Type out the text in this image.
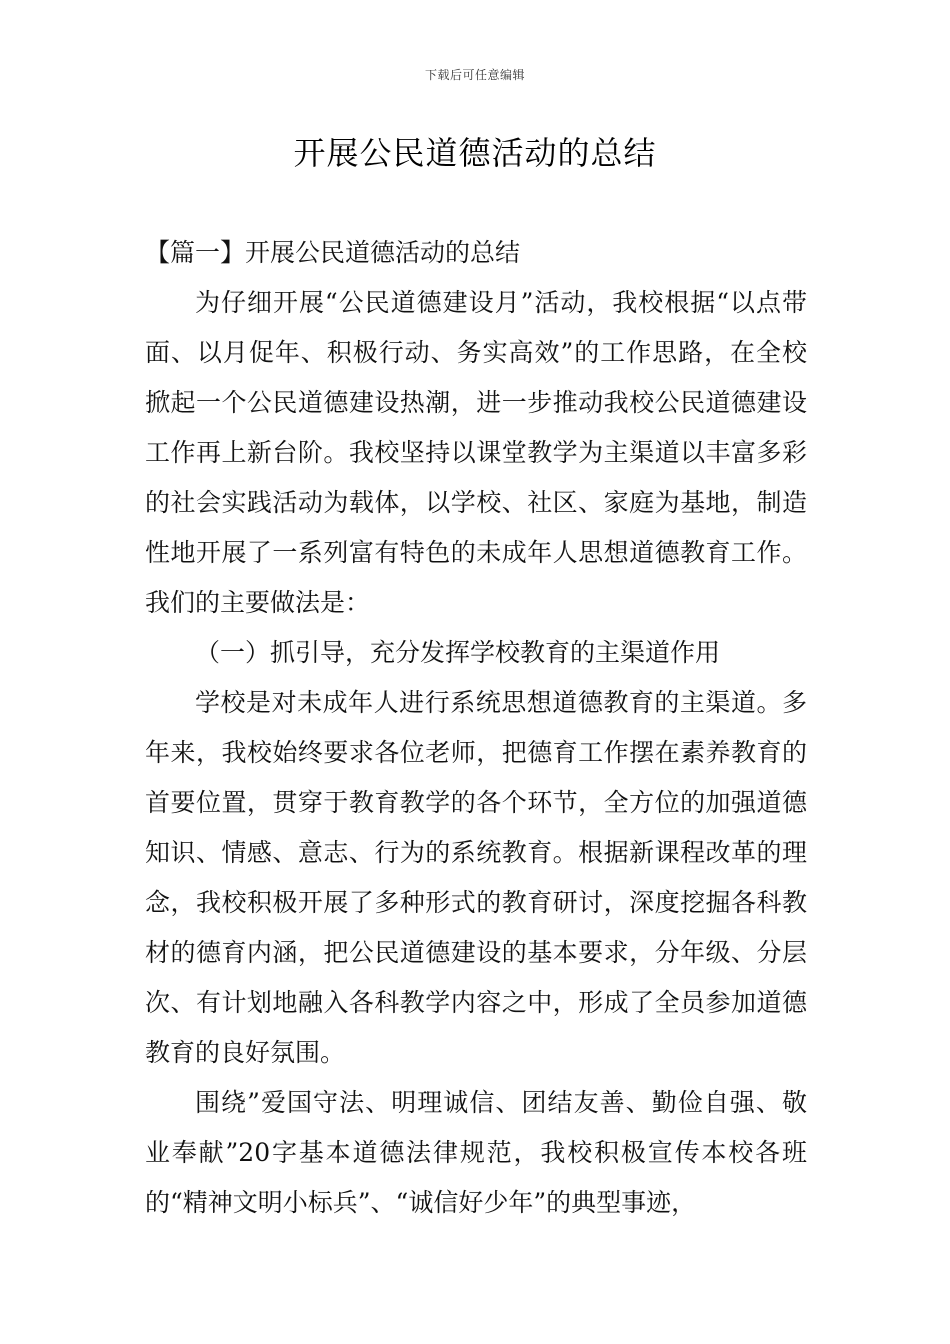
下载后可任意编辑
开展公民道德活动的总结

【篇一】开展公民道德活动的总结

为仔细开展“公民道德建设月”活动，我校根据“以点带面、以月促年、积极行动、务实高效”的工作思路，在全校掀起一个公民道德建设热潮，进一步推动我校公民道德建设工作再上新台阶。我校坚持以课堂教学为主渠道以丰富多彩的社会实践活动为载体，以学校、社区、家庭为基地，制造性地开展了一系列富有特色的未成年人思想道德教育工作。我们的主要做法是：

（一）抓引导，充分发挥学校教育的主渠道作用

学校是对未成年人进行系统思想道德教育的主渠道。多年来，我校始终要求各位老师，把德育工作摆在素养教育的首要位置，贯穿于教育教学的各个环节，全方位的加强道德知识、情感、意志、行为的系统教育。根据新课程改革的理念，我校积极开展了多种形式的教育研讨，深度挖掘各科教材的德育内涵，把公民道德建设的基本要求，分年级、分层次、有计划地融入各科教学内容之中，形成了全员参加道德教育的良好氛围。

围绕”爱国守法、明理诚信、团结友善、勤俭自强、敬业奉献”20字基本道德法律规范，我校积极宣传本校各班的“精神文明小标兵”、“诚信好少年”的典型事迹，
